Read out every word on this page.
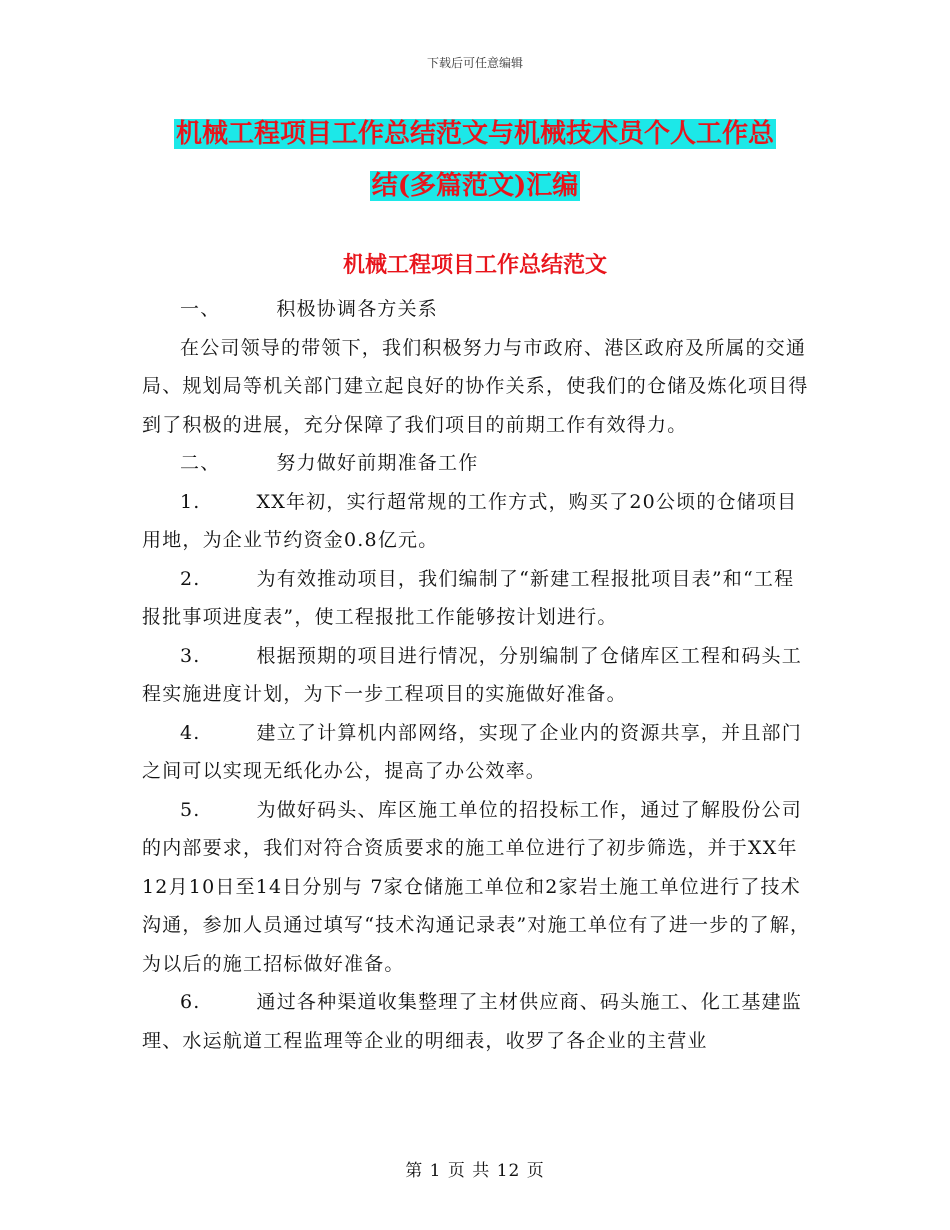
下载后可任意编辑
机械工程项目工作总结范文与机械技术员个人工作总
结(多篇范文)汇编
机械工程项目工作总结范文

一、	积极协调各方关系

在公司领导的带领下，我们积极努力与市政府、港区政府及所属的交通局、规划局等机关部门建立起良好的协作关系，使我们的仓储及炼化项目得到了积极的进展，充分保障了我们项目的前期工作有效得力。

二、	努力做好前期准备工作

1.	XX年初，实行超常规的工作方式，购买了20公顷的仓储项目用地，为企业节约资金0.8亿元。

2.	为有效推动项目，我们编制了“新建工程报批项目表”和“工程报批事项进度表”，使工程报批工作能够按计划进行。

3.	根据预期的项目进行情况，分别编制了仓储库区工程和码头工程实施进度计划，为下一步工程项目的实施做好准备。

4.	建立了计算机内部网络，实现了企业内的资源共享，并且部门之间可以实现无纸化办公，提高了办公效率。

5.	为做好码头、库区施工单位的招投标工作，通过了解股份公司的内部要求，我们对符合资质要求的施工单位进行了初步筛选，并于XX年12月10日至14日分别与 7家仓储施工单位和2家岩土施工单位进行了技术沟通，参加人员通过填写“技术沟通记录表”对施工单位有了进一步的了解，为以后的施工招标做好准备。

6.	通过各种渠道收集整理了主材供应商、码头施工、化工基建监理、水运航道工程监理等企业的明细表，收罗了各企业的主营业

第 1 页 共 12 页
